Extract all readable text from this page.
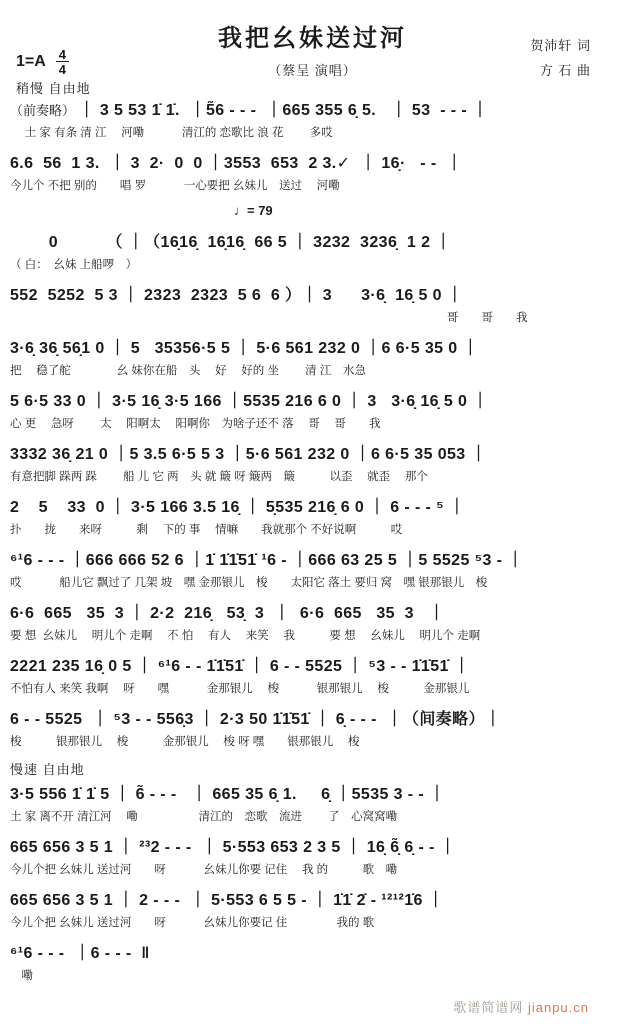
我把幺妹送过河
（蔡呈 演唱）
贺沛轩 词
方 石 曲
$1=A \frac{4}{4}$
稍慢 自由地
（前奏略） ｜ 3 5 53 1̇ 1̇.  ｜5̃6 - - -  ｜665 355 6̣ 5.   ｜ 53  - - - ｜
　 土 家 有条 清 江　 河嘞　　　 清江的 恋歌比 浪 花　　 多哎
6.6  56  1 3.  ｜ 3  2·  0  0 ｜3553  653  2 3.✓  ｜ 16̣·   - -  ｜
今儿个 不把 别的　　唱 罗　　　 一心要把 幺妹儿　送过　 河嘞
♩= 79
0          （ ｜（16̣16̣  16̣16̣  66 5 ｜ 3232  3236̣  1 2 ｜
（ 白：　幺妹 上船啰　）
552  5252  5 3 ｜ 2323  2323  5 6  6 ）｜ 3      3·6̣  16̣ 5 0 ｜
　　　　　　　　　　　　　　　　　　　　　　　　　　　　　　　　　　　　　　哥　　哥　　我
3·6̣ 36̣ 56̣1 0 ｜ 5   35356·5 5 ｜ 5·6 561 232 0 ｜6 6·5 35 0 ｜
把　 稳了舵　　　　幺 妹你在船　头　 好　 好的 坐　　 清 江　水急
5 6·5 33 0 ｜ 3·5 16̣ 3·5 166 ｜5535 216 6 0 ｜ 3   3·6̣ 16̣ 5 0 ｜
心 更　 急呀　　 太　 阳啊太　 阳啊你　为啥子还不 落　 哥　 哥　　我
3332 36̣ 21 0 ｜5 3.5 6·5 5 3 ｜5·6 561 232 0 ｜6 6·5 35 053 ｜
有意把脚 跺两 跺　　 船 儿 它 两　头 就 簸 呀 簸两　簸　　　以歪　 就歪　 那个
2    5    33  0 ｜ 3·5 166 3.5 16̣ ｜ 5̣535 216̣ 6 0 ｜ 6 - - - ⁵ ｜
扑　　拢　　来呀　　　剩　 下的 事　 情嘛　　我就那个 不好说啊　　　哎
⁶¹6 - - - ｜666 666 52 6 ｜1̇ 1̇1̇51̇ ¹6 - ｜666 63 25 5 ｜5 5525 ⁵3 - ｜
哎　　　 船儿它 飘过了 几架 坡　嘿 金那银儿　梭　　太阳它 落土 要归 窝　嘿 银那银儿　梭
6·6  665   35  3 ｜ 2·2  216̣   53̣  3  ｜  6·6  665   35  3   ｜
要 想  幺妹儿　 明儿个 走啊　 不 怕　 有人　 来笑　 我　　　要 想　 幺妹儿　 明儿个 走啊
2221 235 16̣ 0 5 ｜ ⁶¹6 - - 1̇1̇51̇ ｜ 6 - - 5525 ｜ ⁵3 - - 1̇1̇51̇ ｜
不怕有人 来笑 我啊　 呀　　嘿　　　 金那银儿　 梭　　　 银那银儿　 梭　　　金那银儿
6 - - 5525  ｜ ⁵3 - - 556̣3 ｜ 2·3 50 1̇1̇51̇ ｜ 6̣ - - -  ｜（间奏略）｜
梭　　　银那银儿　 梭　　　金那银儿　 梭 呀 嘿　　银那银儿　 梭
慢速 自由地
3·5 556 1̇ 1̇ 5 ｜ 6̃ - - -   ｜ 665 35 6̣ 1.     6̣ ｜5535 3 - - ｜
土 家 离不开 清江河　 嘞　　　　　 清江的　恋歌　流进　　 了　心窝窝嘞
665 656 3 5 1 ｜ ²³2 - - -  ｜ 5·553 653 2 3 5 ｜ 16̣ 6̣̃ 6̣ - - ｜
今儿个把 幺妹儿 送过河　　呀　　　 幺妹儿你要 记住　 我 的　　　歌　嘞
665 656 3 5 1 ｜ 2 - - -  ｜ 5·553 6 5 5 - ｜ 1̇1̇ 2̇ - ¹²¹²1̇6 ｜
今儿个把 幺妹儿 送过河　　呀　　　 幺妹儿你要记 住　　　　 我的 歌
⁶¹6 - - -  ｜6 - - -  ‖
　嘞
歌谱简谱网 jianpu.cn
